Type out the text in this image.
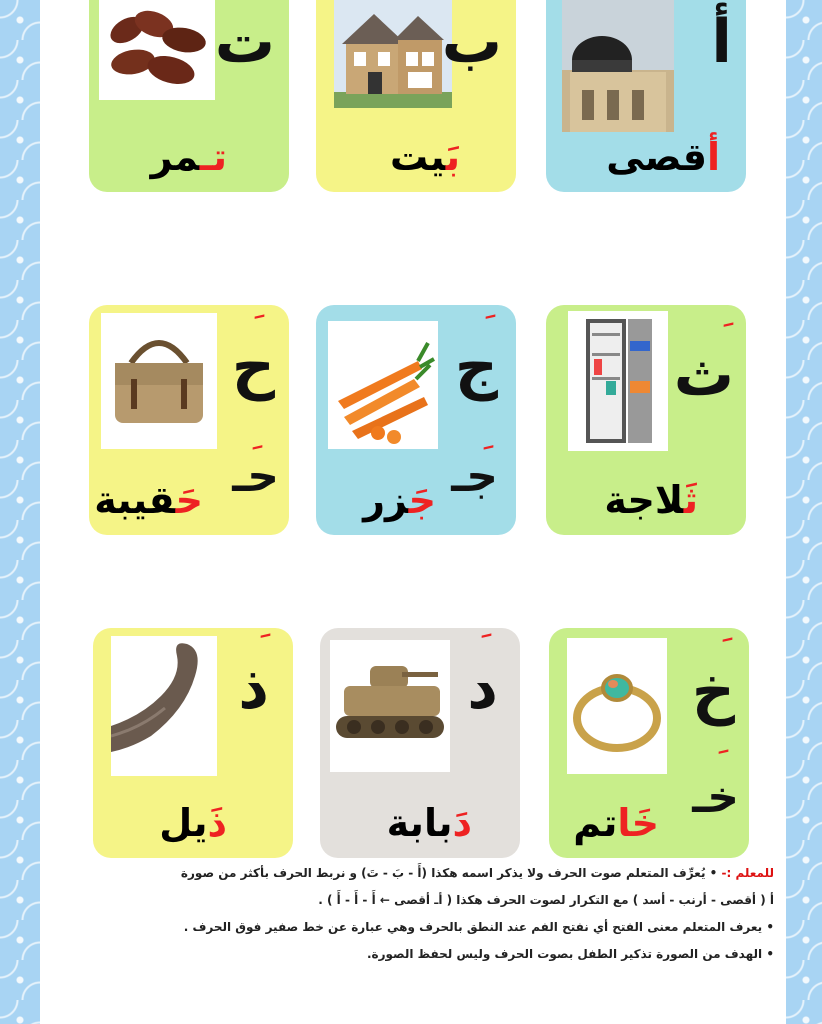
أ
أقصى
ب
بَيت
ت
تـمر
ث
ثَلاجة
ج
جـ
جَزر
ح
حـ
حَقيبة
خ
خـ
خَاتم
د
دَبابة
ذ
ذَيل

للمعلم :- • يُعرِّف المتعلم صوت الحرف ولا يذكر اسمه هكذا (أَ - بَ - تَ) و نربط الحرف بأكثر من صورة

أ ( أقصى - أرنب - أسد ) مع التكرار لصوت الحرف هكذا ( أـ أقصى ← أَ - أَ - أَ ) .

• يعرف المتعلم معنى الفتح أي نفتح الفم عند النطق بالحرف وهي عبارة عن خط صفير فوق الحرف .

• الهدف من الصورة تذكير الطفل بصوت الحرف وليس لحفظ الصورة.
